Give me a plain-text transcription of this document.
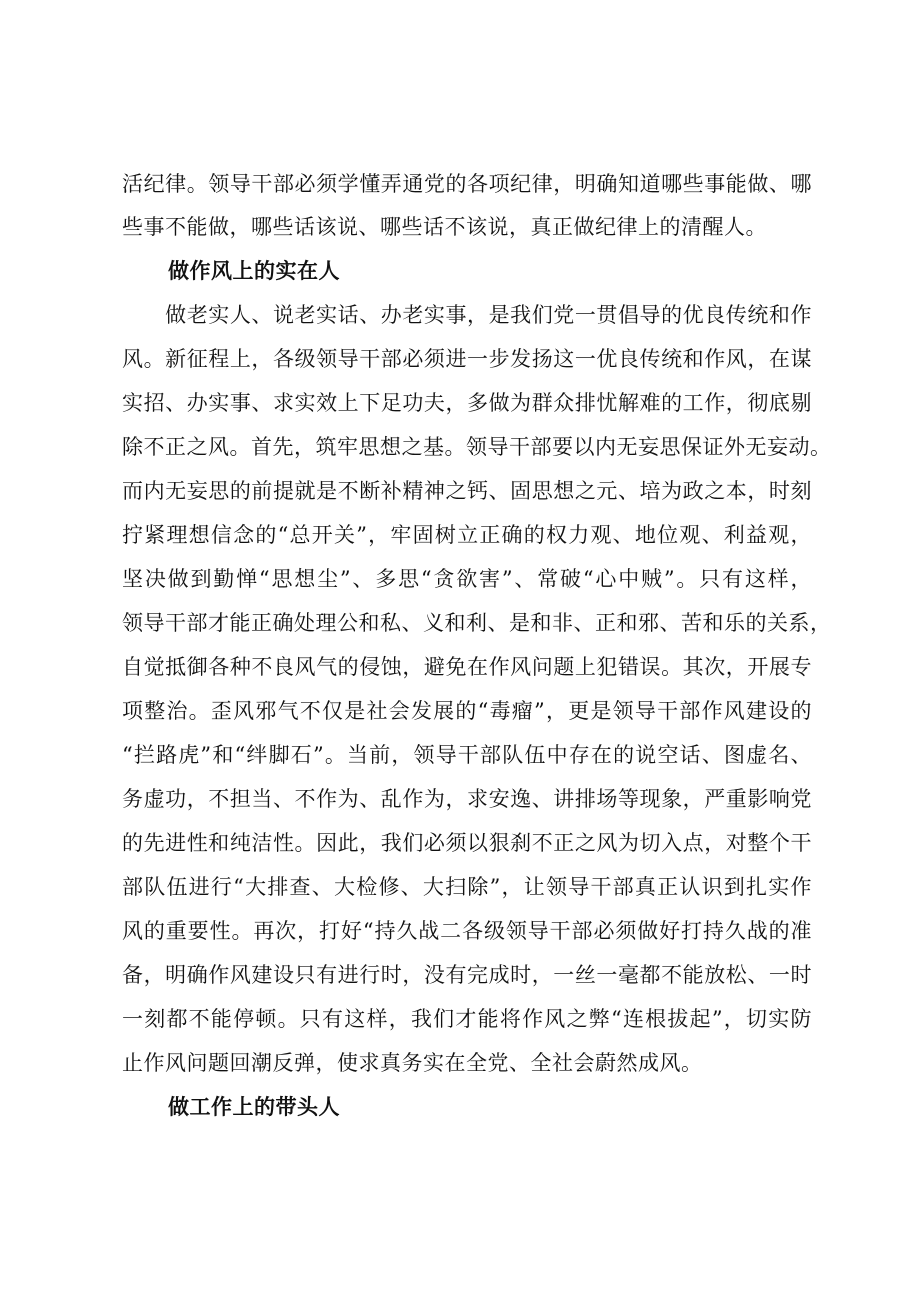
活纪律。领导干部必须学懂弄通党的各项纪律，明确知道哪些事能做、哪
些事不能做，哪些话该说、哪些话不该说，真正做纪律上的清醒人。
做作风上的实在人
　　做老实人、说老实话、办老实事，是我们党一贯倡导的优良传统和作
风。新征程上，各级领导干部必须进一步发扬这一优良传统和作风，在谋
实招、办实事、求实效上下足功夫，多做为群众排忧解难的工作，彻底剔
除不正之风。首先，筑牢思想之基。领导干部要以内无妄思保证外无妄动。
而内无妄思的前提就是不断补精神之钙、固思想之元、培为政之本，时刻
拧紧理想信念的“总开关”，牢固树立正确的权力观、地位观、利益观，
坚决做到勤惮“思想尘”、多思“贪欲害”、常破“心中贼”。只有这样，
领导干部才能正确处理公和私、义和利、是和非、正和邪、苦和乐的关系，
自觉抵御各种不良风气的侵蚀，避免在作风问题上犯错误。其次，开展专
项整治。歪风邪气不仅是社会发展的“毒瘤”，更是领导干部作风建设的
“拦路虎”和“绊脚石”。当前，领导干部队伍中存在的说空话、图虚名、
务虚功，不担当、不作为、乱作为，求安逸、讲排场等现象，严重影响党
的先进性和纯洁性。因此，我们必须以狠刹不正之风为切入点，对整个干
部队伍进行“大排查、大检修、大扫除”，让领导干部真正认识到扎实作
风的重要性。再次，打好“持久战二各级领导干部必须做好打持久战的准
备，明确作风建设只有进行时，没有完成时，一丝一毫都不能放松、一时
一刻都不能停顿。只有这样，我们才能将作风之弊“连根拔起”，切实防
止作风问题回潮反弹，使求真务实在全党、全社会蔚然成风。
做工作上的带头人
